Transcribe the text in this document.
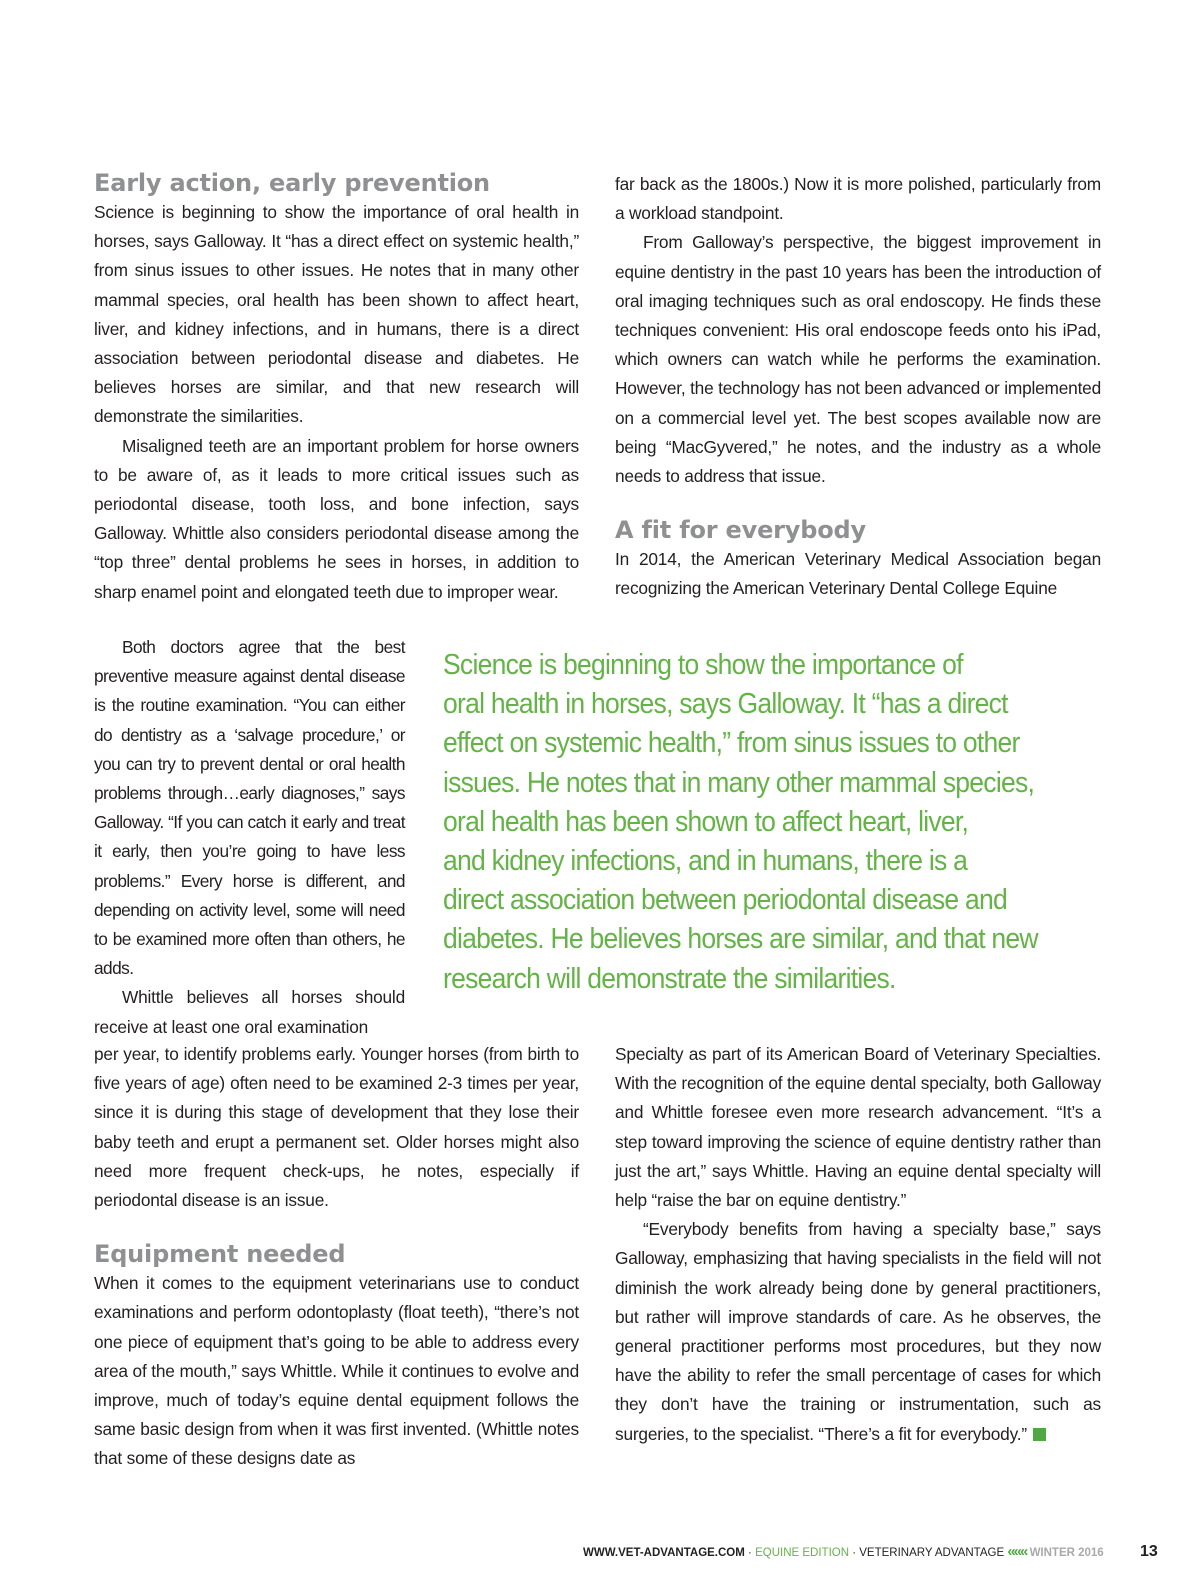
Early action, early prevention

Science is beginning to show the importance of oral health in horses, says Galloway. It “has a direct effect on systemic health,” from sinus issues to other issues. He notes that in many other mammal species, oral health has been shown to affect heart, liver, and kidney infections, and in humans, there is a direct association between periodontal disease and diabetes. He believes horses are similar, and that new research will demonstrate the similarities.

Misaligned teeth are an important problem for horse owners to be aware of, as it leads to more critical issues such as periodontal disease, tooth loss, and bone infection, says Galloway. Whittle also considers periodontal disease among the “top three” dental problems he sees in horses, in addition to sharp enamel point and elongated teeth due to improper wear.

Both doctors agree that the best preventive measure against dental disease is the routine examination. “You can either do dentistry as a ‘salvage procedure,’ or you can try to prevent dental or oral health problems through…early diagnoses,” says Galloway. “If you can catch it early and treat it early, then you’re going to have less problems.” Every horse is different, and depending on activity level, some will need to be examined more often than others, he adds.

Whittle believes all horses should receive at least one oral examination

Science is beginning to show the importance of
oral health in horses, says Galloway. It “has a direct
effect on systemic health,” from sinus issues to other
issues. He notes that in many other mammal species,
oral health has been shown to affect heart, liver,
and kidney infections, and in humans, there is a
direct association between periodontal disease and
diabetes. He believes horses are similar, and that new
research will demonstrate the similarities.

per year, to identify problems early. Younger horses (from birth to five years of age) often need to be examined 2-3 times per year, since it is during this stage of development that they lose their baby teeth and erupt a permanent set. Older horses might also need more frequent check-ups, he notes, especially if periodontal disease is an issue.

Equipment needed

When it comes to the equipment veterinarians use to conduct examinations and perform odontoplasty (float teeth), “there’s not one piece of equipment that’s going to be able to address every area of the mouth,” says Whittle. While it continues to evolve and improve, much of today’s equine dental equipment follows the same basic design from when it was first invented. (Whittle notes that some of these designs date as

far back as the 1800s.) Now it is more polished, particularly from a workload standpoint.

From Galloway’s perspective, the biggest improvement in equine dentistry in the past 10 years has been the introduction of oral imaging techniques such as oral endoscopy. He finds these techniques convenient: His oral endoscope feeds onto his iPad, which owners can watch while he performs the examination. However, the technology has not been advanced or implemented on a commercial level yet. The best scopes available now are being “MacGyvered,” he notes, and the industry as a whole needs to address that issue.

A fit for everybody

In 2014, the American Veterinary Medical Association began recognizing the American Veterinary Dental College Equine

Specialty as part of its American Board of Veterinary Specialties. With the recognition of the equine dental specialty, both Galloway and Whittle foresee even more research advancement. “It’s a step toward improving the science of equine dentistry rather than just the art,” says Whittle. Having an equine dental specialty will help “raise the bar on equine dentistry.”

“Everybody benefits from having a specialty base,” says Galloway, emphasizing that having specialists in the field will not diminish the work already being done by general practitioners, but rather will improve standards of care. As he observes, the general practitioner performs most procedures, but they now have the ability to refer the small percentage of cases for which they don’t have the training or instrumentation, such as surgeries, to the specialist. “There’s a fit for everybody.”

WWW.VET-ADVANTAGE.COM · EQUINE EDITION · VETERINARY ADVANTAGE ««« WINTER 2016 13
